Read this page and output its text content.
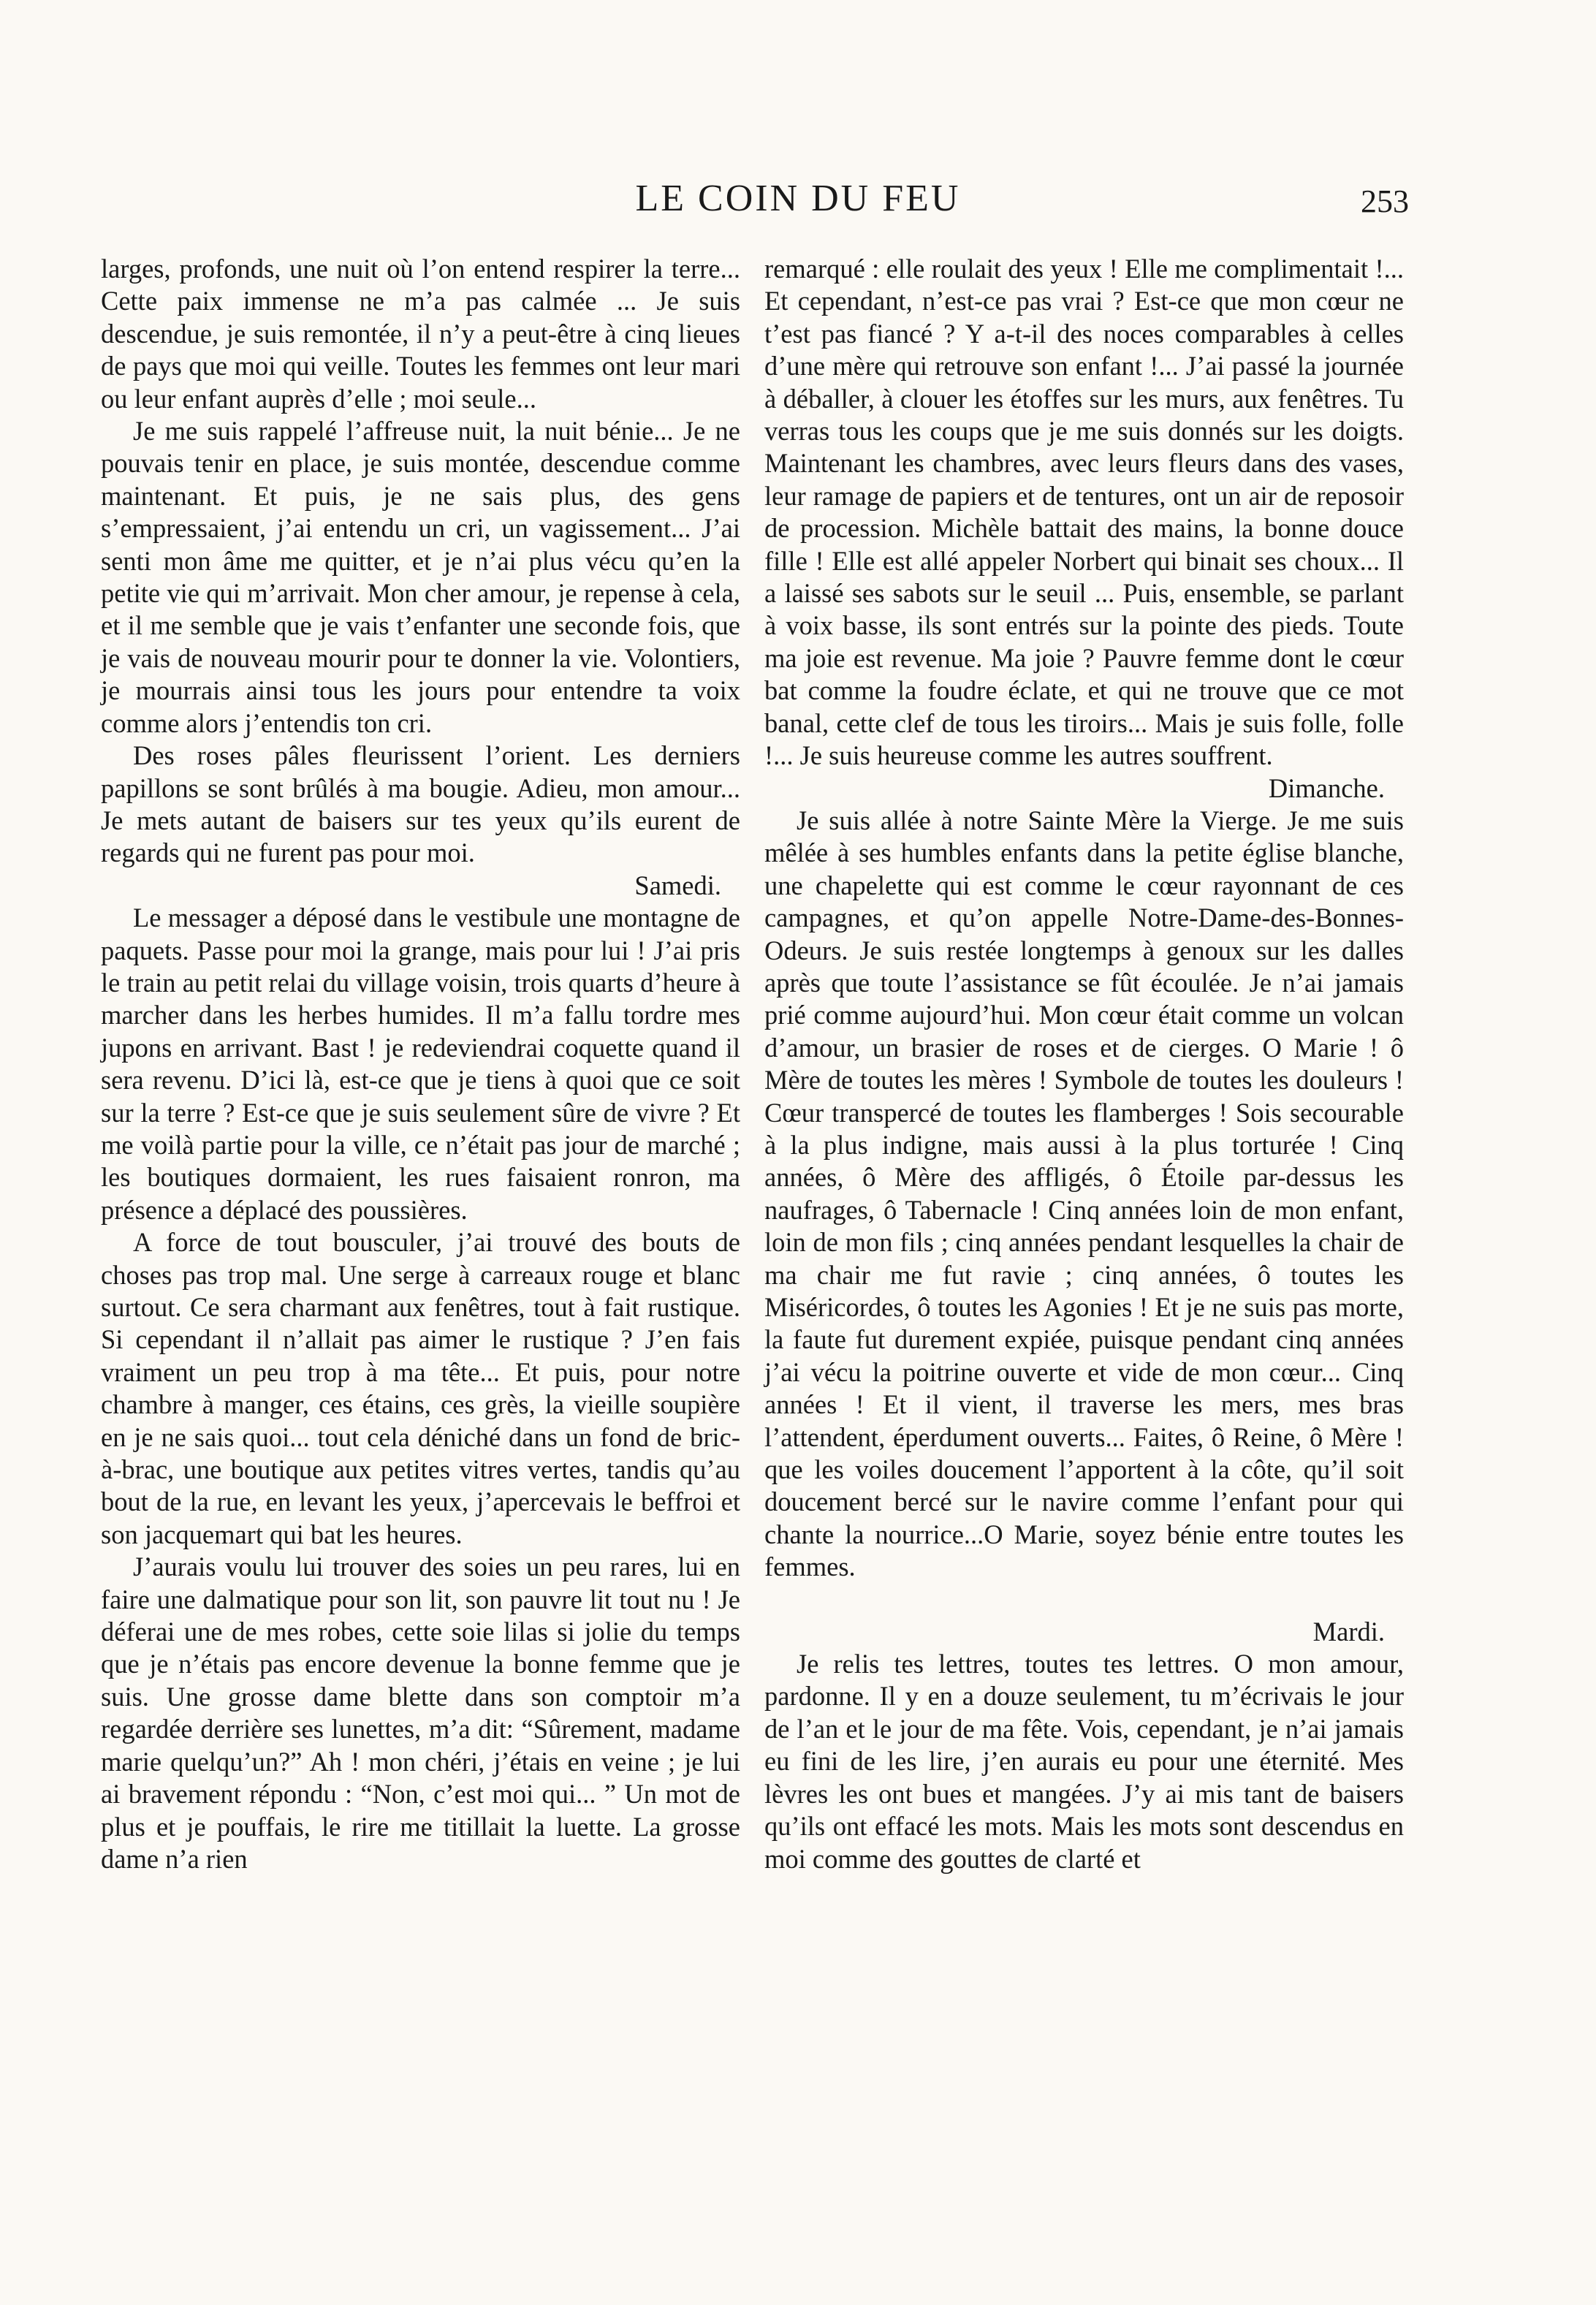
LE COIN DU FEU	253

larges, profonds, une nuit où l’on entend respirer la terre... Cette paix immense ne m’a pas calmée ... Je suis descendue, je suis remontée, il n’y a peut-être à cinq lieues de pays que moi qui veille. Toutes les femmes ont leur mari ou leur enfant auprès d’elle ; moi seule...

Je me suis rappelé l’affreuse nuit, la nuit bénie... Je ne pouvais tenir en place, je suis montée, descendue comme maintenant. Et puis, je ne sais plus, des gens s’empressaient, j’ai entendu un cri, un vagissement... J’ai senti mon âme me quitter, et je n’ai plus vécu qu’en la petite vie qui m’arrivait. Mon cher amour, je repense à cela, et il me semble que je vais t’enfanter une seconde fois, que je vais de nouveau mourir pour te donner la vie. Volontiers, je mourrais ainsi tous les jours pour entendre ta voix comme alors j’entendis ton cri.

Des roses pâles fleurissent l’orient. Les derniers papillons se sont brûlés à ma bougie. Adieu, mon amour... Je mets autant de baisers sur tes yeux qu’ils eurent de regards qui ne furent pas pour moi.

Samedi.

Le messager a déposé dans le vestibule une montagne de paquets. Passe pour moi la grange, mais pour lui ! J’ai pris le train au petit relai du village voisin, trois quarts d’heure à marcher dans les herbes humides. Il m’a fallu tordre mes jupons en arrivant. Bast ! je redeviendrai coquette quand il sera revenu. D’ici là, est-ce que je tiens à quoi que ce soit sur la terre ? Est-ce que je suis seulement sûre de vivre ? Et me voilà partie pour la ville, ce n’était pas jour de marché ; les boutiques dormaient, les rues faisaient ronron, ma présence a déplacé des poussières.

A force de tout bousculer, j’ai trouvé des bouts de choses pas trop mal. Une serge à carreaux rouge et blanc surtout. Ce sera charmant aux fenêtres, tout à fait rustique. Si cependant il n’allait pas aimer le rustique ? J’en fais vraiment un peu trop à ma tête... Et puis, pour notre chambre à manger, ces étains, ces grès, la vieille soupière en je ne sais quoi... tout cela déniché dans un fond de bric-à-brac, une boutique aux petites vitres vertes, tandis qu’au bout de la rue, en levant les yeux, j’apercevais le beffroi et son jacquemart qui bat les heures.

J’aurais voulu lui trouver des soies un peu rares, lui en faire une dalmatique pour son lit, son pauvre lit tout nu ! Je déferai une de mes robes, cette soie lilas si jolie du temps que je n’étais pas encore devenue la bonne femme que je suis. Une grosse dame blette dans son comptoir m’a regardée derrière ses lunettes, m’a dit: “Sûrement, madame marie quelqu’un?” Ah ! mon chéri, j’étais en veine ; je lui ai bravement répondu : “Non, c’est moi qui... ” Un mot de plus et je pouffais, le rire me titillait la luette. La grosse dame n’a rien

remarqué : elle roulait des yeux ! Elle me complimentait !... Et cependant, n’est-ce pas vrai ? Est-ce que mon cœur ne t’est pas fiancé ? Y a-t-il des noces comparables à celles d’une mère qui retrouve son enfant !... J’ai passé la journée à déballer, à clouer les étoffes sur les murs, aux fenêtres. Tu verras tous les coups que je me suis donnés sur les doigts. Maintenant les chambres, avec leurs fleurs dans des vases, leur ramage de papiers et de tentures, ont un air de reposoir de procession. Michèle battait des mains, la bonne douce fille ! Elle est allé appeler Norbert qui binait ses choux... Il a laissé ses sabots sur le seuil ... Puis, ensemble, se parlant à voix basse, ils sont entrés sur la pointe des pieds. Toute ma joie est revenue. Ma joie ? Pauvre femme dont le cœur bat comme la foudre éclate, et qui ne trouve que ce mot banal, cette clef de tous les tiroirs... Mais je suis folle, folle !... Je suis heureuse comme les autres souffrent.

Dimanche.

Je suis allée à notre Sainte Mère la Vierge. Je me suis mêlée à ses humbles enfants dans la petite église blanche, une chapelette qui est comme le cœur rayonnant de ces campagnes, et qu’on appelle Notre-Dame-des-Bonnes-Odeurs. Je suis restée longtemps à genoux sur les dalles après que toute l’assistance se fût écoulée. Je n’ai jamais prié comme aujourd’hui. Mon cœur était comme un volcan d’amour, un brasier de roses et de cierges. O Marie ! ô Mère de toutes les mères ! Symbole de toutes les douleurs ! Cœur transpercé de toutes les flamberges ! Sois secourable à la plus indigne, mais aussi à la plus torturée ! Cinq années, ô Mère des affligés, ô Étoile par-dessus les naufrages, ô Tabernacle ! Cinq années loin de mon enfant, loin de mon fils ; cinq années pendant lesquelles la chair de ma chair me fut ravie ; cinq années, ô toutes les Miséricordes, ô toutes les Agonies ! Et je ne suis pas morte, la faute fut durement expiée, puisque pendant cinq années j’ai vécu la poitrine ouverte et vide de mon cœur... Cinq années ! Et il vient, il traverse les mers, mes bras l’attendent, éperdument ouverts... Faites, ô Reine, ô Mère ! que les voiles doucement l’apportent à la côte, qu’il soit doucement bercé sur le navire comme l’enfant pour qui chante la nourrice...O Marie, soyez bénie entre toutes les femmes.

Mardi.

Je relis tes lettres, toutes tes lettres. O mon amour, pardonne. Il y en a douze seulement, tu m’écrivais le jour de l’an et le jour de ma fête. Vois, cependant, je n’ai jamais eu fini de les lire, j’en aurais eu pour une éternité. Mes lèvres les ont bues et mangées. J’y ai mis tant de baisers qu’ils ont effacé les mots. Mais les mots sont descendus en moi comme des gouttes de clarté et
